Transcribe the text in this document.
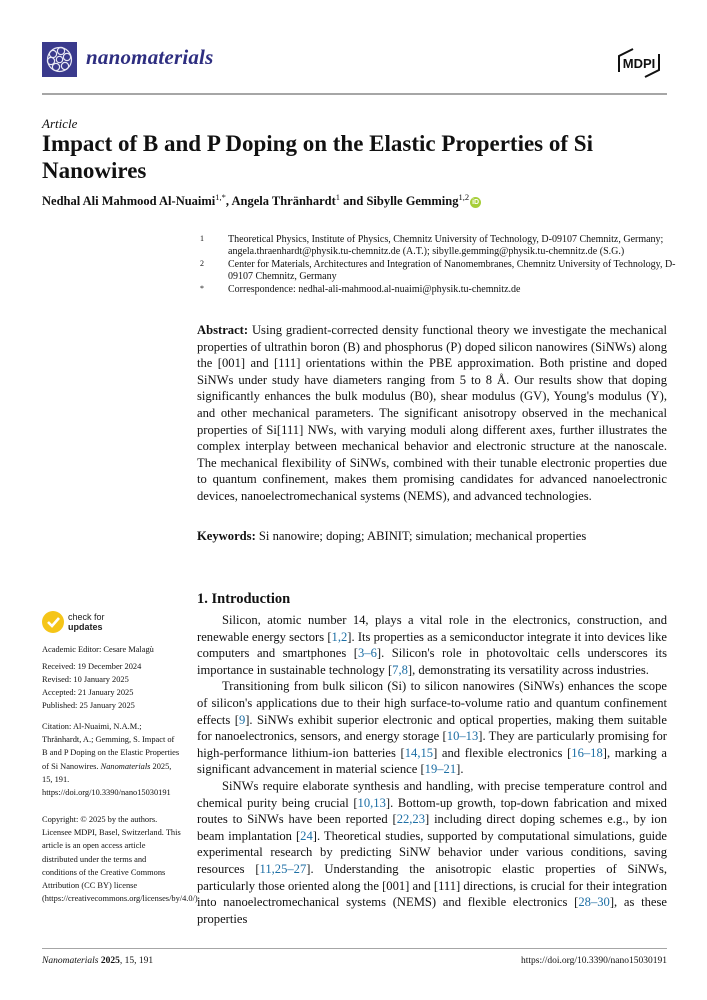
nanomaterials	MDPI
Article
Impact of B and P Doping on the Elastic Properties of Si Nanowires
Nedhal Ali Mahmood Al-Nuaimi$^{1,*}$, Angela Thränhardt$^1$ and Sibylle Gemming$^{1,2}$iD
1 Theoretical Physics, Institute of Physics, Chemnitz University of Technology, D-09107 Chemnitz, Germany; angela.thraenhardt@physik.tu-chemnitz.de (A.T.); sibylle.gemming@physik.tu-chemnitz.de (S.G.)
2 Center for Materials, Architectures and Integration of Nanomembranes, Chemnitz University of Technology, D-09107 Chemnitz, Germany
* Correspondence: nedhal-ali-mahmood.al-nuaimi@physik.tu-chemnitz.de
Abstract: Using gradient-corrected density functional theory we investigate the mechanical properties of ultrathin boron (B) and phosphorus (P) doped silicon nanowires (SiNWs) along the [001] and [111] orientations within the PBE approximation. Both pristine and doped SiNWs under study have diameters ranging from 5 to 8 Å. Our results show that doping significantly enhances the bulk modulus (B0), shear modulus (GV), Young's modulus (Y), and other mechanical parameters. The significant anisotropy observed in the mechanical properties of Si[111] NWs, with varying moduli along different axes, further illustrates the complex interplay between mechanical behavior and electronic structure at the nanoscale. The mechanical flexibility of SiNWs, combined with their tunable electronic properties due to quantum confinement, makes them promising candidates for advanced nanoelectronic devices, nanoelectromechanical systems (NEMS), and advanced technologies.
Keywords: Si nanowire; doping; ABINIT; simulation; mechanical properties
check for
updates
Academic Editor: Cesare Malagù
Received: 19 December 2024
Revised: 10 January 2025
Accepted: 21 January 2025
Published: 25 January 2025
Citation: Al-Nuaimi, N.A.M.; Thränhardt, A.; Gemming, S. Impact of B and P Doping on the Elastic Properties of Si Nanowires. Nanomaterials 2025, 15, 191. https://doi.org/10.3390/nano15030191
Copyright: © 2025 by the authors. Licensee MDPI, Basel, Switzerland. This article is an open access article distributed under the terms and conditions of the Creative Commons Attribution (CC BY) license (https://creativecommons.org/licenses/by/4.0/).
1. Introduction

Silicon, atomic number 14, plays a vital role in the electronics, construction, and renewable energy sectors [1,2]. Its properties as a semiconductor integrate it into devices like computers and smartphones [3–6]. Silicon's role in photovoltaic cells underscores its importance in sustainable technology [7,8], demonstrating its versatility across industries.

Transitioning from bulk silicon (Si) to silicon nanowires (SiNWs) enhances the scope of silicon's applications due to their high surface-to-volume ratio and quantum confinement effects [9]. SiNWs exhibit superior electronic and optical properties, making them suitable for nanoelectronics, sensors, and energy storage [10–13]. They are particularly promising for high-performance lithium-ion batteries [14,15] and flexible electronics [16–18], marking a significant advancement in material science [19–21].

SiNWs require elaborate synthesis and handling, with precise temperature control and chemical purity being crucial [10,13]. Bottom-up growth, top-down fabrication and mixed routes to SiNWs have been reported [22,23] including direct doping schemes e.g., by ion beam implantation [24]. Theoretical studies, supported by computational simulations, guide experimental research by predicting SiNW behavior under various conditions, saving resources [11,25–27]. Understanding the anisotropic elastic properties of SiNWs, particularly those oriented along the [001] and [111] directions, is crucial for their integration into nanoelectromechanical systems (NEMS) and flexible electronics [28–30], as these properties

Nanomaterials 2025, 15, 191	https://doi.org/10.3390/nano15030191
